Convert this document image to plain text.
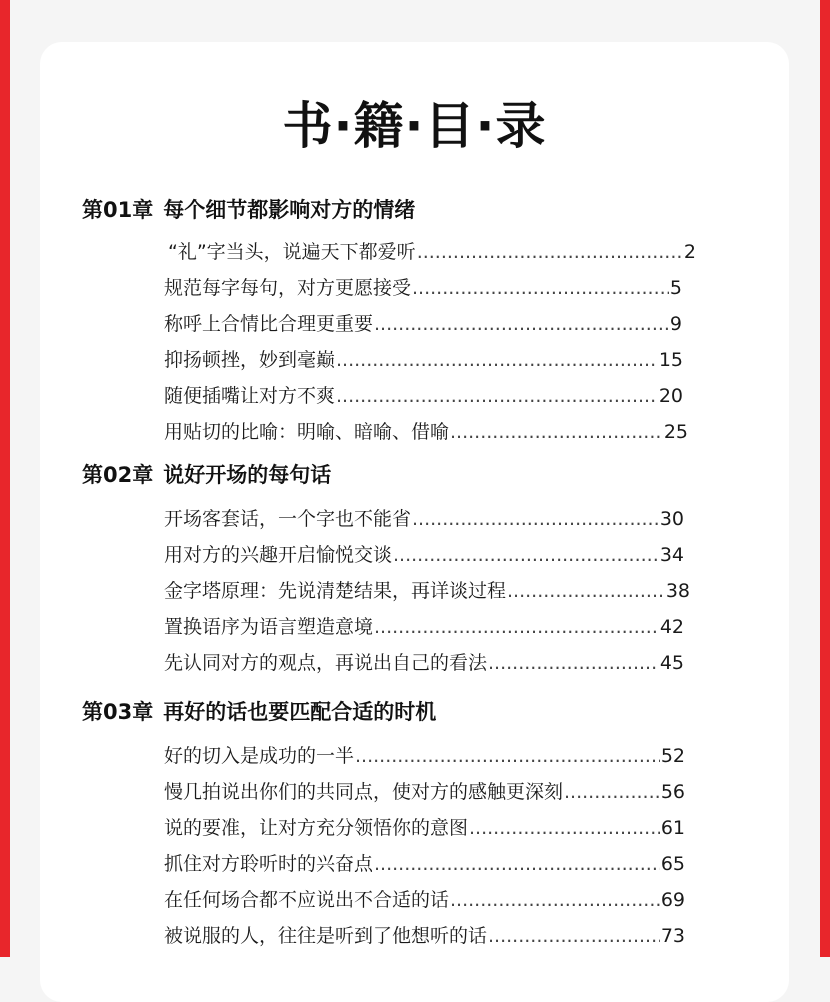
书·籍·目·录
第01章 每个细节都影响对方的情绪
“礼”字当头，说遍天下都爱听 .....	2
规范每字每句，对方更愿接受 .....	5
称呼上合情比合理更重要 .....	9
抑扬顿挫，妙到毫巅 .....	15
随便插嘴让对方不爽 .....	20
用贴切的比喻：明喻、暗喻、借喻 .....	25
第02章 说好开场的每句话
开场客套话，一个字也不能省 .....	30
用对方的兴趣开启愉悦交谈 .....	34
金字塔原理：先说清楚结果，再详谈过程 .....	38
置换语序为语言塑造意境 .....	42
先认同对方的观点，再说出自己的看法 .....	45
第03章 再好的话也要匹配合适的时机
好的切入是成功的一半 .....	52
慢几拍说出你们的共同点，使对方的感触更深刻 .....	56
说的要准，让对方充分领悟你的意图 .....	61
抓住对方聆听时的兴奋点 .....	65
在任何场合都不应说出不合适的话 .....	69
被说服的人，往往是听到了他想听的话 .....	73
